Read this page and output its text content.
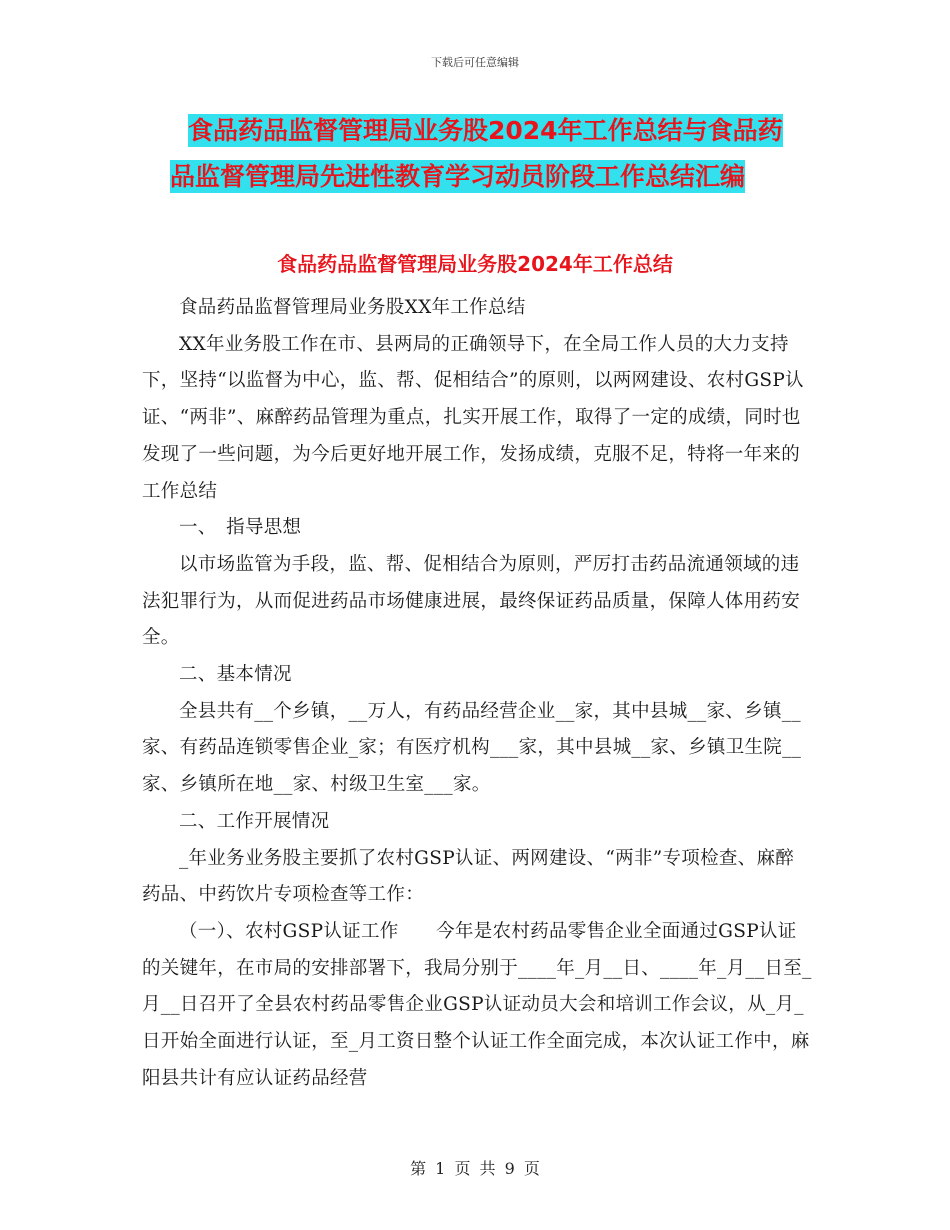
下载后可任意编辑
食品药品监督管理局业务股2024年工作总结与食品药
品监督管理局先进性教育学习动员阶段工作总结汇编
食品药品监督管理局业务股2024年工作总结

食品药品监督管理局业务股XX年工作总结

XX年业务股工作在市、县两局的正确领导下，在全局工作人员的大力支持下，坚持“以监督为中心，监、帮、促相结合”的原则，以两网建设、农村GSP认证、“两非”、麻醉药品管理为重点，扎实开展工作，取得了一定的成绩，同时也发现了一些问题，为今后更好地开展工作，发扬成绩，克服不足，特将一年来的工作总结

一、　指导思想

以市场监管为手段，监、帮、促相结合为原则，严厉打击药品流通领域的违法犯罪行为，从而促进药品市场健康进展，最终保证药品质量，保障人体用药安全。

二、基本情况

全县共有__个乡镇，__万人，有药品经营企业__家，其中县城__家、乡镇__家、有药品连锁零售企业_家；有医疗机构___家，其中县城__家、乡镇卫生院__家、乡镇所在地__家、村级卫生室___家。

二、工作开展情况

_年业务业务股主要抓了农村GSP认证、两网建设、“两非”专项检查、麻醉药品、中药饮片专项检查等工作：

（一）、农村GSP认证工作　　今年是农村药品零售企业全面通过GSP认证的关键年，在市局的安排部署下，我局分别于____年_月__日、____年_月__日至_月__日召开了全县农村药品零售企业GSP认证动员大会和培训工作会议，从_月_日开始全面进行认证，至_月工资日整个认证工作全面完成，本次认证工作中，麻阳县共计有应认证药品经营

第 1 页 共 9 页
